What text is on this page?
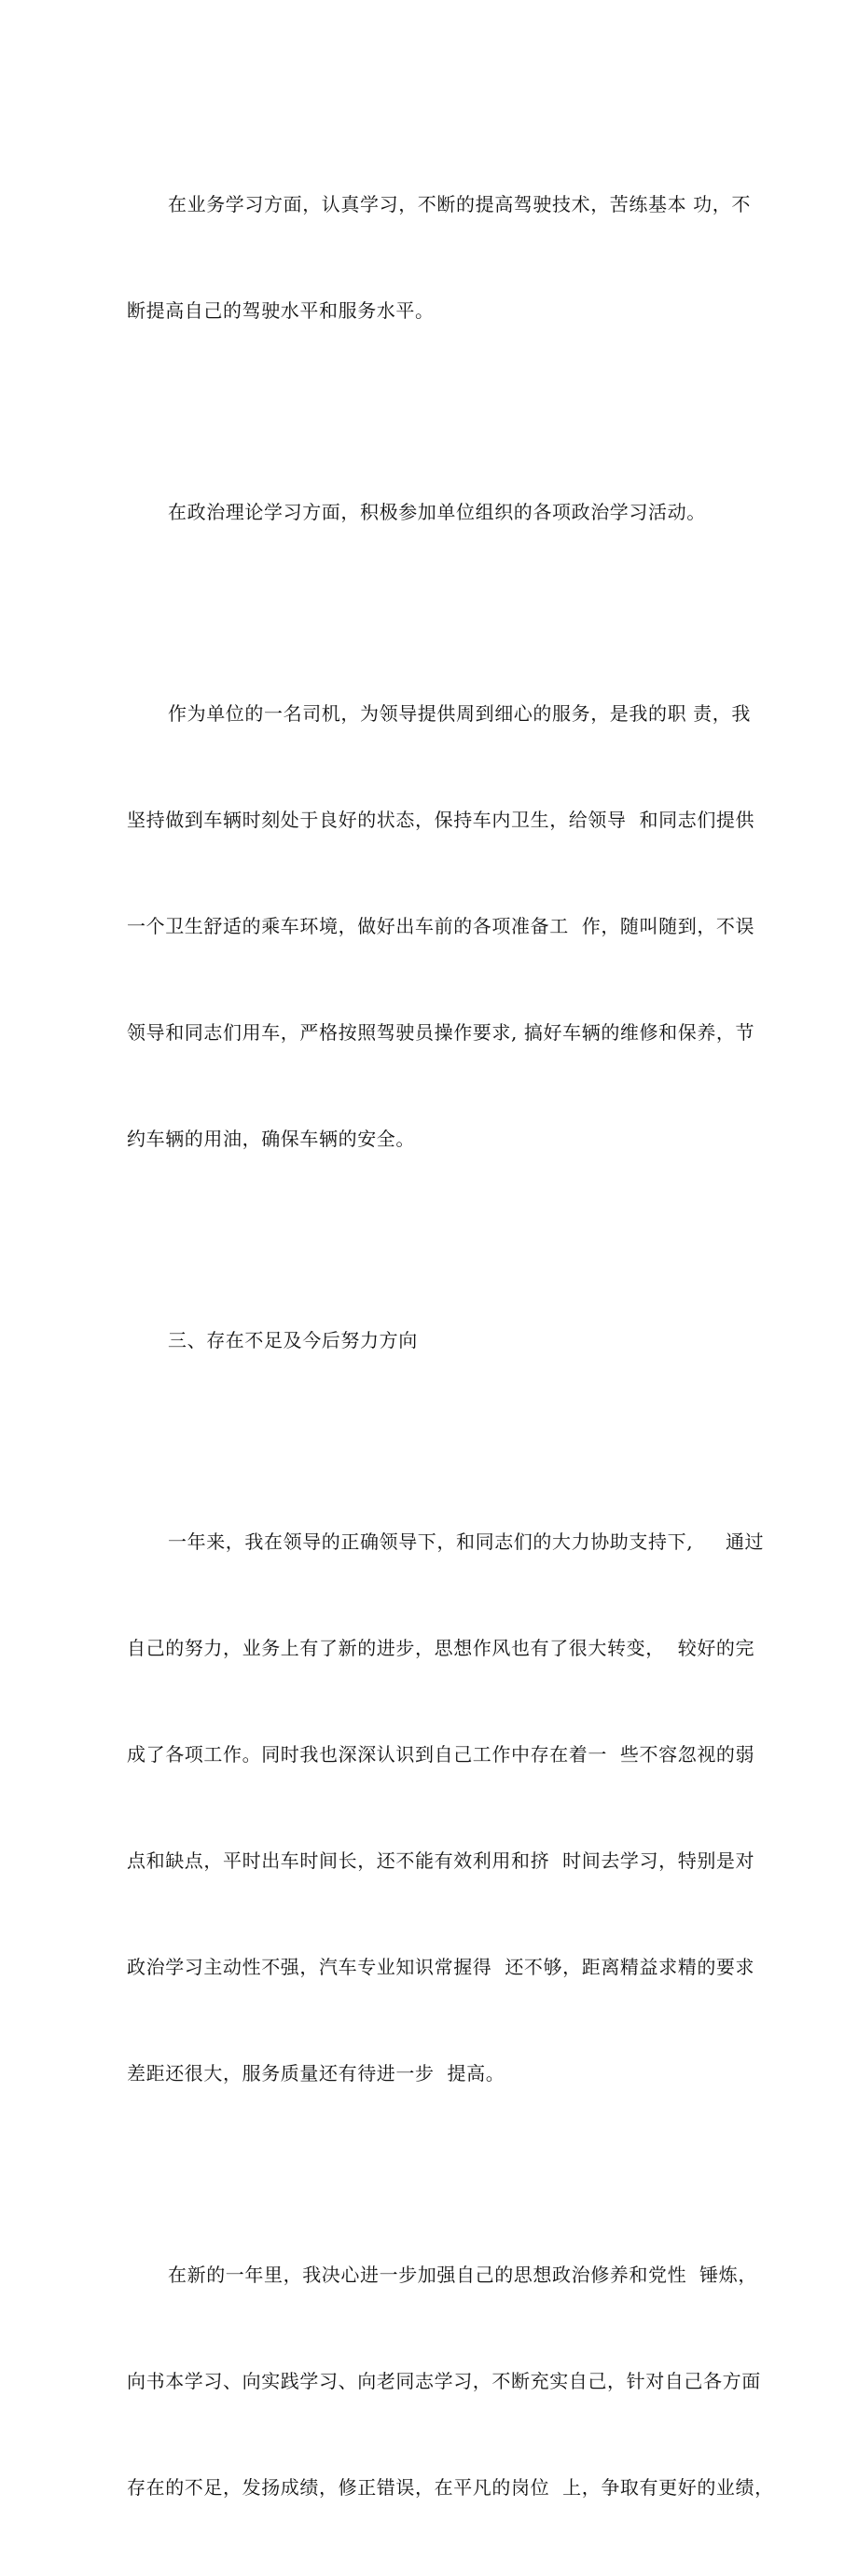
在业务学习方面，认真学习，不断的提高驾驶技术，苦练基本 功，不

断提高自己的驾驶水平和服务水平。

在政治理论学习方面，积极参加单位组织的各项政治学习活动。

作为单位的一名司机，为领导提供周到细心的服务，是我的职 责，我

坚持做到车辆时刻处于良好的状态，保持车内卫生，给领导  和同志们提供

一个卫生舒适的乘车环境，做好出车前的各项准备工  作，随叫随到，不误

领导和同志们用车，严格按照驾驶员操作要求, 搞好车辆的维修和保养，节

约车辆的用油，确保车辆的安全。

三、存在不足及今后努力方向

一年来，我在领导的正确领导下，和同志们的大力协助支持下,     通过

自己的努力，业务上有了新的进步，思想作风也有了很大转变，  较好的完

成了各项工作。同时我也深深认识到自己工作中存在着一  些不容忽视的弱

点和缺点，平时出车时间长，还不能有效利用和挤  时间去学习，特别是对

政治学习主动性不强，汽车专业知识常握得  还不够，距离精益求精的要求

差距还很大，服务质量还有待进一步  提高。

在新的一年里，我决心进一步加强自己的思想政治修养和党性  锤炼，

向书本学习、向实践学习、向老同志学习，不断充实自己，针对自己各方面

存在的不足，发扬成绩，修正错误，在平凡的岗位  上，争取有更好的业绩，
